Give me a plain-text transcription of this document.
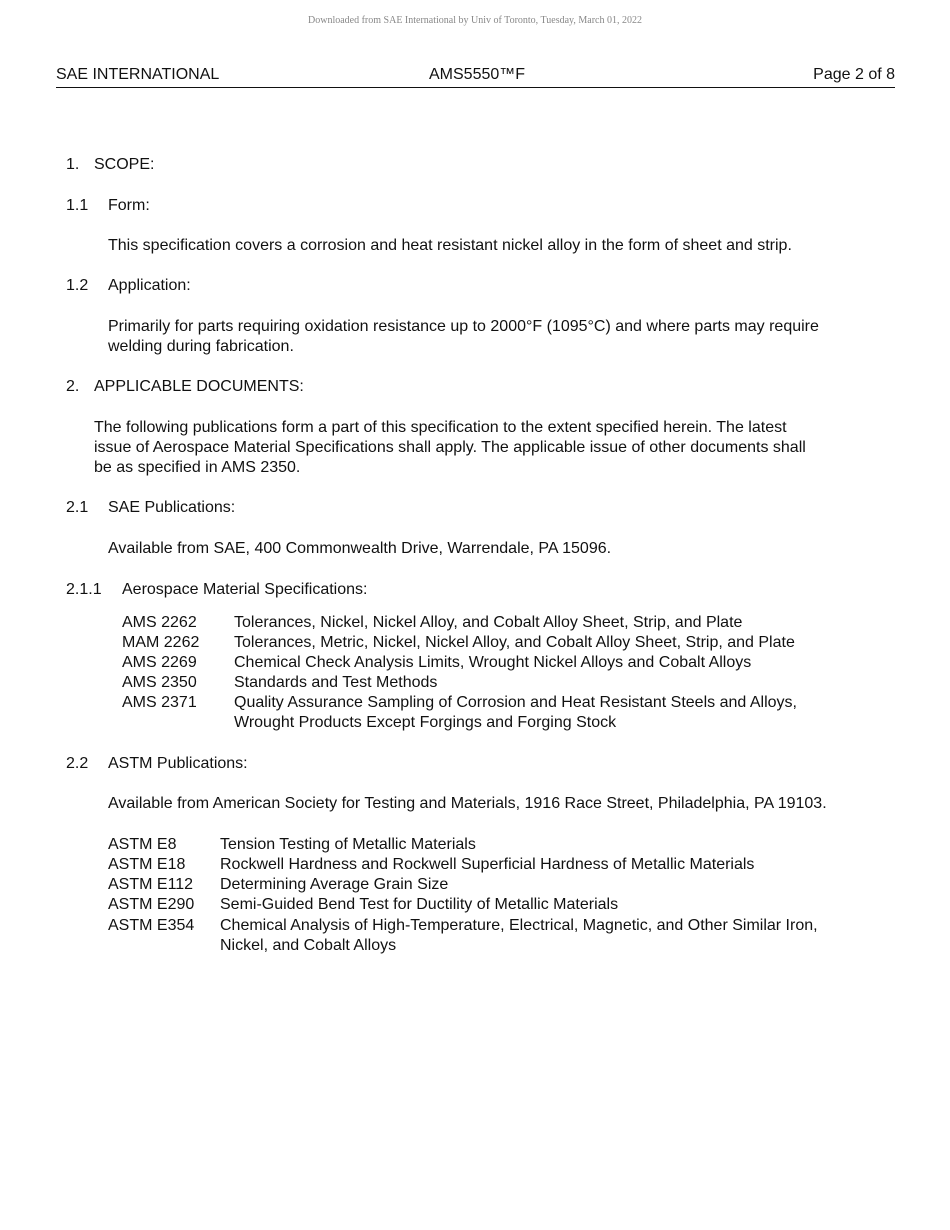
Downloaded from SAE International by Univ of Toronto, Tuesday, March 01, 2022
SAE INTERNATIONAL	AMS5550™F	Page 2 of 8
1. SCOPE:
1.1 Form:
This specification covers a corrosion and heat resistant nickel alloy in the form of sheet and strip.
1.2 Application:
Primarily for parts requiring oxidation resistance up to 2000°F (1095°C) and where parts may require
welding during fabrication.
2. APPLICABLE DOCUMENTS:
The following publications form a part of this specification to the extent specified herein. The latest
issue of Aerospace Material Specifications shall apply. The applicable issue of other documents shall
be as specified in AMS 2350.
2.1 SAE Publications:
Available from SAE, 400 Commonwealth Drive, Warrendale, PA 15096.
2.1.1 Aerospace Material Specifications:
AMS 2262 Tolerances, Nickel, Nickel Alloy, and Cobalt Alloy Sheet, Strip, and Plate
MAM 2262 Tolerances, Metric, Nickel, Nickel Alloy, and Cobalt Alloy Sheet, Strip, and Plate
AMS 2269 Chemical Check Analysis Limits, Wrought Nickel Alloys and Cobalt Alloys
AMS 2350 Standards and Test Methods
AMS 2371 Quality Assurance Sampling of Corrosion and Heat Resistant Steels and Alloys,
Wrought Products Except Forgings and Forging Stock
2.2 ASTM Publications:
Available from American Society for Testing and Materials, 1916 Race Street, Philadelphia, PA 19103.
ASTM E8	Tension Testing of Metallic Materials
ASTM E18 Rockwell Hardness and Rockwell Superficial Hardness of Metallic Materials
ASTM E112 Determining Average Grain Size
ASTM E290 Semi-Guided Bend Test for Ductility of Metallic Materials
ASTM E354 Chemical Analysis of High-Temperature, Electrical, Magnetic, and Other Similar Iron,
Nickel, and Cobalt Alloys
